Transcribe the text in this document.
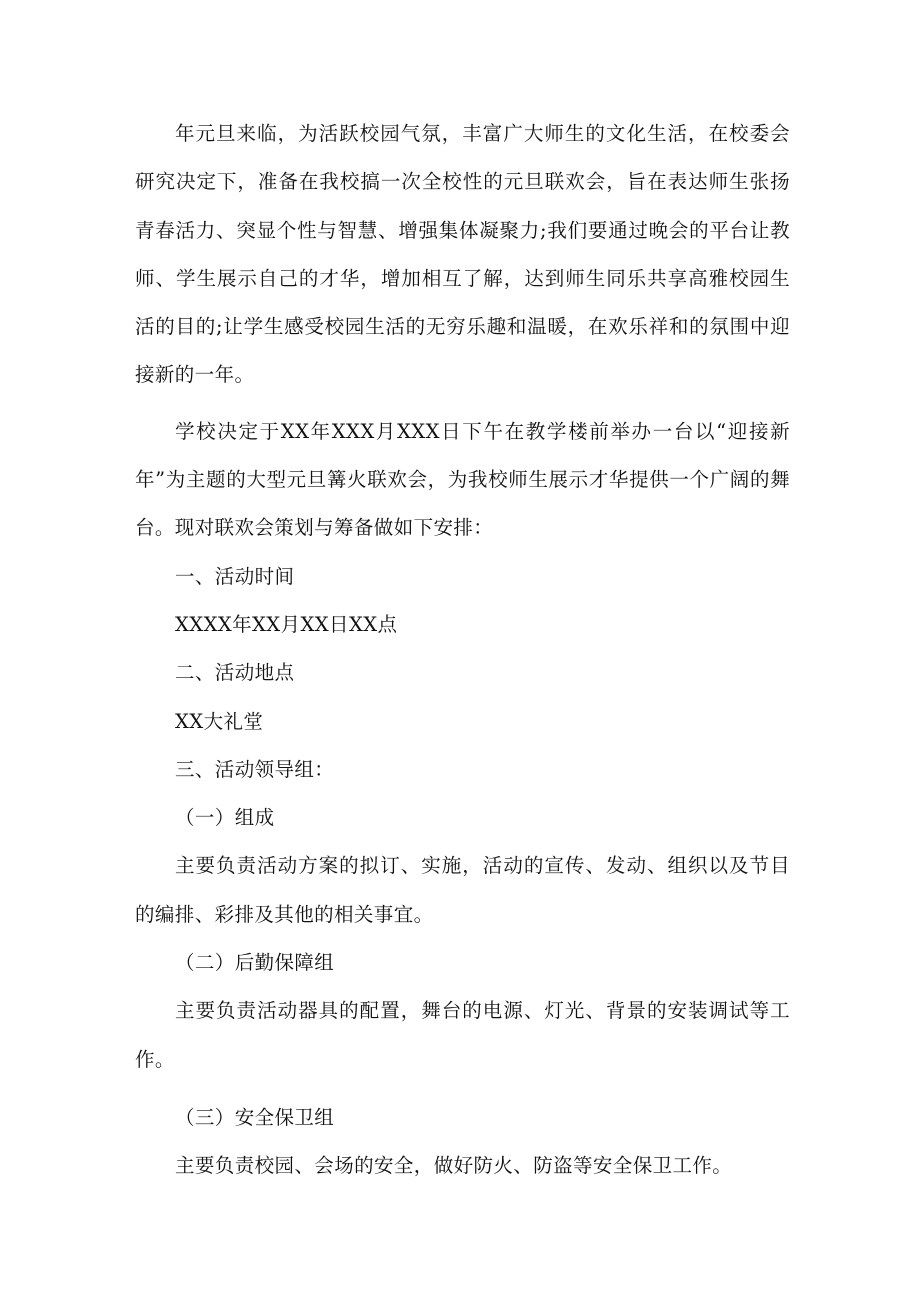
年元旦来临，为活跃校园气氛，丰富广大师生的文化生活，在校委会研究决定下，准备在我校搞一次全校性的元旦联欢会，旨在表达师生张扬青春活力、突显个性与智慧、增强集体凝聚力;我们要通过晚会的平台让教师、学生展示自己的才华，增加相互了解，达到师生同乐共享高雅校园生活的目的;让学生感受校园生活的无穷乐趣和温暖，在欢乐祥和的氛围中迎接新的一年。

学校决定于XX年XXX月XXX日下午在教学楼前举办一台以“迎接新年”为主题的大型元旦篝火联欢会，为我校师生展示才华提供一个广阔的舞台。现对联欢会策划与筹备做如下安排：

一、活动时间

XXXX年XX月XX日XX点

二、活动地点

XX大礼堂

三、活动领导组：

（一）组成

主要负责活动方案的拟订、实施，活动的宣传、发动、组织以及节目的编排、彩排及其他的相关事宜。

（二）后勤保障组

主要负责活动器具的配置，舞台的电源、灯光、背景的安装调试等工作。

（三）安全保卫组

主要负责校园、会场的安全，做好防火、防盗等安全保卫工作。
